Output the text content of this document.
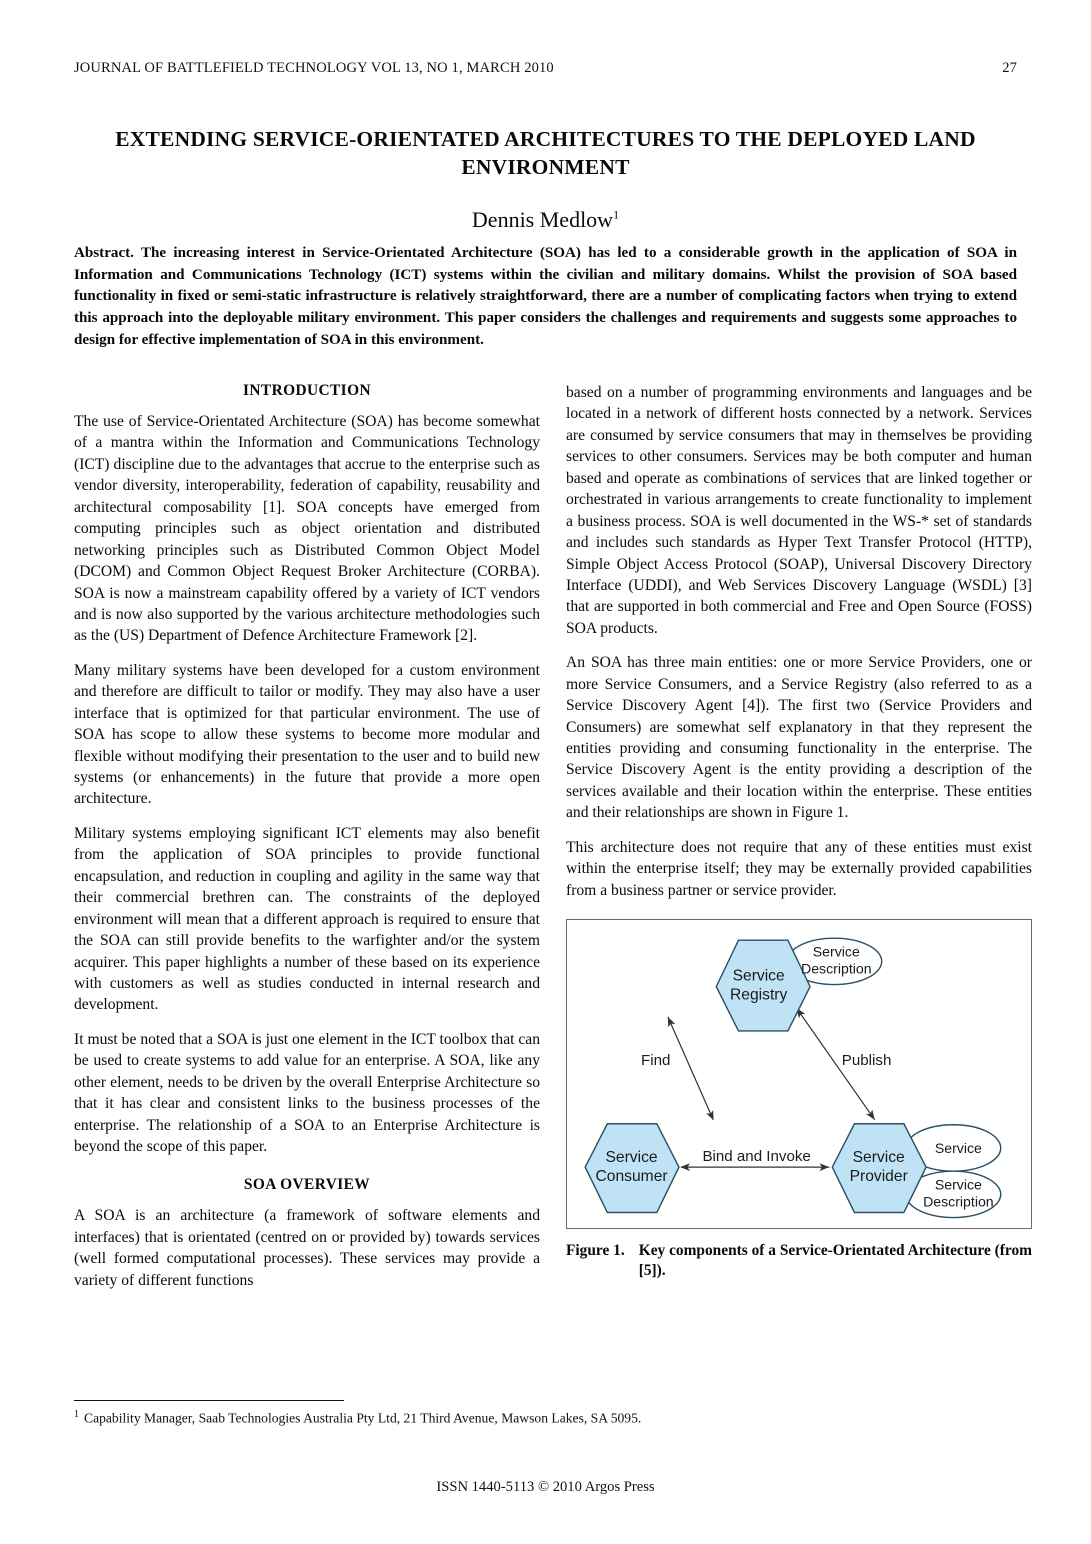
JOURNAL OF BATTLEFIELD TECHNOLOGY VOL 13, NO 1, MARCH 2010	27
EXTENDING SERVICE-ORIENTATED ARCHITECTURES TO THE DEPLOYED LAND ENVIRONMENT
Dennis Medlow$^1$
Abstract. The increasing interest in Service-Orientated Architecture (SOA) has led to a considerable growth in the application of SOA in Information and Communications Technology (ICT) systems within the civilian and military domains. Whilst the provision of SOA based functionality in fixed or semi-static infrastructure is relatively straightforward, there are a number of complicating factors when trying to extend this approach into the deployable military environment. This paper considers the challenges and requirements and suggests some approaches to design for effective implementation of SOA in this environment.
INTRODUCTION

The use of Service-Orientated Architecture (SOA) has become somewhat of a mantra within the Information and Communications Technology (ICT) discipline due to the advantages that accrue to the enterprise such as vendor diversity, interoperability, federation of capability, reusability and architectural composability [1]. SOA concepts have emerged from computing principles such as object orientation and distributed networking principles such as Distributed Common Object Model (DCOM) and Common Object Request Broker Architecture (CORBA). SOA is now a mainstream capability offered by a variety of ICT vendors and is now also supported by the various architecture methodologies such as the (US) Department of Defence Architecture Framework [2].

Many military systems have been developed for a custom environment and therefore are difficult to tailor or modify. They may also have a user interface that is optimized for that particular environment. The use of SOA has scope to allow these systems to become more modular and flexible without modifying their presentation to the user and to build new systems (or enhancements) in the future that provide a more open architecture.

Military systems employing significant ICT elements may also benefit from the application of SOA principles to provide functional encapsulation, and reduction in coupling and agility in the same way that their commercial brethren can. The constraints of the deployed environment will mean that a different approach is required to ensure that the SOA can still provide benefits to the warfighter and/or the system acquirer. This paper highlights a number of these based on its experience with customers as well as studies conducted in internal research and development.

It must be noted that a SOA is just one element in the ICT toolbox that can be used to create systems to add value for an enterprise. A SOA, like any other element, needs to be driven by the overall Enterprise Architecture so that it has clear and consistent links to the business processes of the enterprise. The relationship of a SOA to an Enterprise Architecture is beyond the scope of this paper.

SOA OVERVIEW

A SOA is an architecture (a framework of software elements and interfaces) that is orientated (centred on or provided by) towards services (well formed computational processes). These services may provide a variety of different functions

based on a number of programming environments and languages and be located in a network of different hosts connected by a network. Services are consumed by service consumers that may in themselves be providing services to other consumers. Services may be both computer and human based and operate as combinations of services that are linked together or orchestrated in various arrangements to create functionality to implement a business process. SOA is well documented in the WS-* set of standards and includes such standards as Hyper Text Transfer Protocol (HTTP), Simple Object Access Protocol (SOAP), Universal Discovery Directory Interface (UDDI), and Web Services Discovery Language (WSDL) [3] that are supported in both commercial and Free and Open Source (FOSS) SOA products.

An SOA has three main entities: one or more Service Providers, one or more Service Consumers, and a Service Registry (also referred to as a Service Discovery Agent [4]). The first two (Service Providers and Consumers) are somewhat self explanatory in that they represent the entities providing and consuming functionality in the enterprise. The Service Discovery Agent is the entity providing a description of the services available and their location within the enterprise. These entities and their relationships are shown in Figure 1.

This architecture does not require that any of these entities must exist within the enterprise itself; they may be externally provided capabilities from a business partner or service provider.

Service
Registry
Service
Consumer
Service
Provider
Service
Description
Service
Service
Description
Find	Publish
Bind and Invoke
Figure 1. Key components of a Service-Orientated Architecture (from [5]).
$^1$ Capability Manager, Saab Technologies Australia Pty Ltd, 21 Third Avenue, Mawson Lakes, SA 5095.
ISSN 1440-5113 © 2010 Argos Press
